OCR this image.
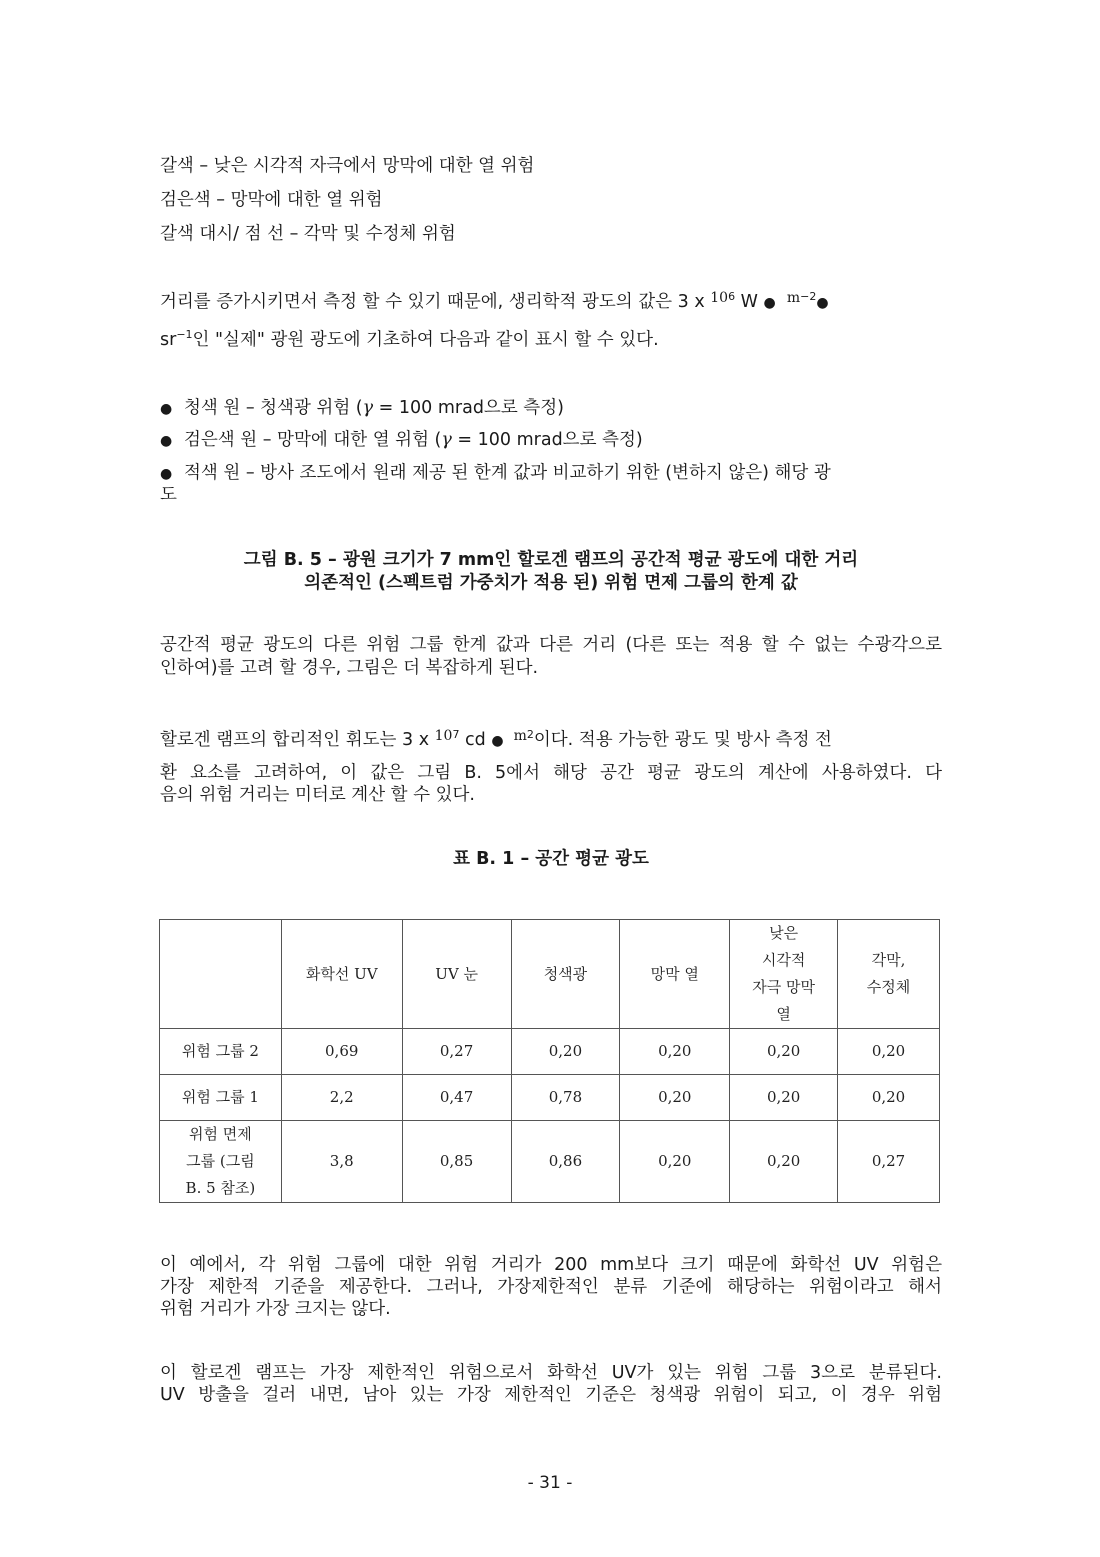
갈색 – 낮은 시각적 자극에서 망막에 대한 열 위험
검은색 – 망막에 대한 열 위험
갈색 대시/ 점 선 – 각막 및 수정체 위험
거리를 증가시키면서 측정 할 수 있기 때문에, 생리학적 광도의 값은 3 x $^{106}$ W ● $^{m-2}$●
$sr^{-1}$인 "실제" 광원 광도에 기초하여 다음과 같이 표시 할 수 있다.
● 청색 원 – 청색광 위험 (γ = 100 mrad으로 측정)
● 검은색 원 – 망막에 대한 열 위험 (γ = 100 mrad으로 측정)
● 적색 원 – 방사 조도에서 원래 제공 된 한계 값과 비교하기 위한 (변하지 않은) 해당 광
도
그림 B. 5 – 광원 크기가 7 mm인 할로겐 램프의 공간적 평균 광도에 대한 거리
의존적인 (스펙트럼 가중치가 적용 된) 위험 면제 그룹의 한계 값
공간적 평균 광도의 다른 위험 그룹 한계 값과 다른 거리 (다른 또는 적용 할 수 없는 수광각으로
인하여)를 고려 할 경우, 그림은 더 복잡하게 된다.
할로겐 램프의 합리적인 휘도는 3 x $^{107}$ cd ●  $^{m2}$이다. 적용 가능한 광도 및 방사 측정 전
환 요소를 고려하여, 이 값은 그림 B. 5에서 해당 공간 평균 광도의 계산에 사용하였다. 다
음의 위험 거리는 미터로 계산 할 수 있다.
표 B. 1 – 공간 평균 광도
	화학선 UV	UV 눈	청색광	망막 열	낮은
시각적
자극 망막
열	각막,
수정체
위험 그룹 2	0,69	0,27	0,20	0,20	0,20	0,20
위험 그룹 1	2,2	0,47	0,78	0,20	0,20	0,20
위험 면제
그룹 (그림
B. 5 참조)	3,8	0,85	0,86	0,20	0,20	0,27
이 예에서, 각 위험 그룹에 대한 위험 거리가 200 mm보다 크기 때문에 화학선 UV 위험은
가장 제한적 기준을 제공한다. 그러나, 가장제한적인 분류 기준에 해당하는 위험이라고 해서
위험 거리가 가장 크지는 않다.
이 할로겐 램프는 가장 제한적인 위험으로서 화학선 UV가 있는 위험 그룹 3으로 분류된다.
UV 방출을 걸러 내면, 남아 있는 가장 제한적인 기준은 청색광 위험이 되고, 이 경우 위험
- 31 -
